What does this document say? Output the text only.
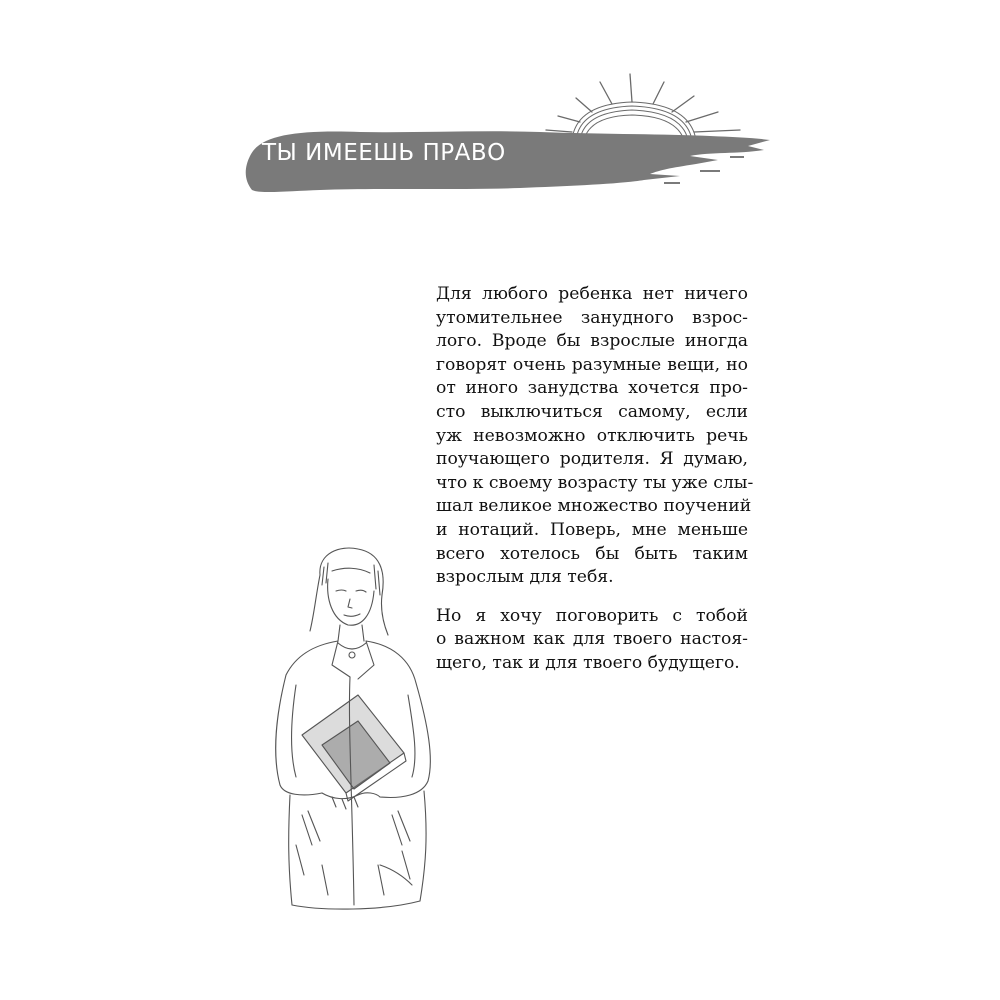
ТЫ ИМЕЕШЬ ПРАВО

Для любого ребенка нет ничего
утомительнее занудного взрос-
лого. Вроде бы взрослые иногда
говорят очень разумные вещи, но
от иного занудства хочется про-
сто выключиться самому, если
уж невозможно отключить речь
поучающего родителя. Я думаю,
что к своему возрасту ты уже слы-
шал великое множество поучений
и нотаций. Поверь, мне меньше
всего хотелось бы быть таким
взрослым для тебя.

Но я хочу поговорить с тобой
о важном как для твоего настоя-
щего, так и для твоего будущего.
